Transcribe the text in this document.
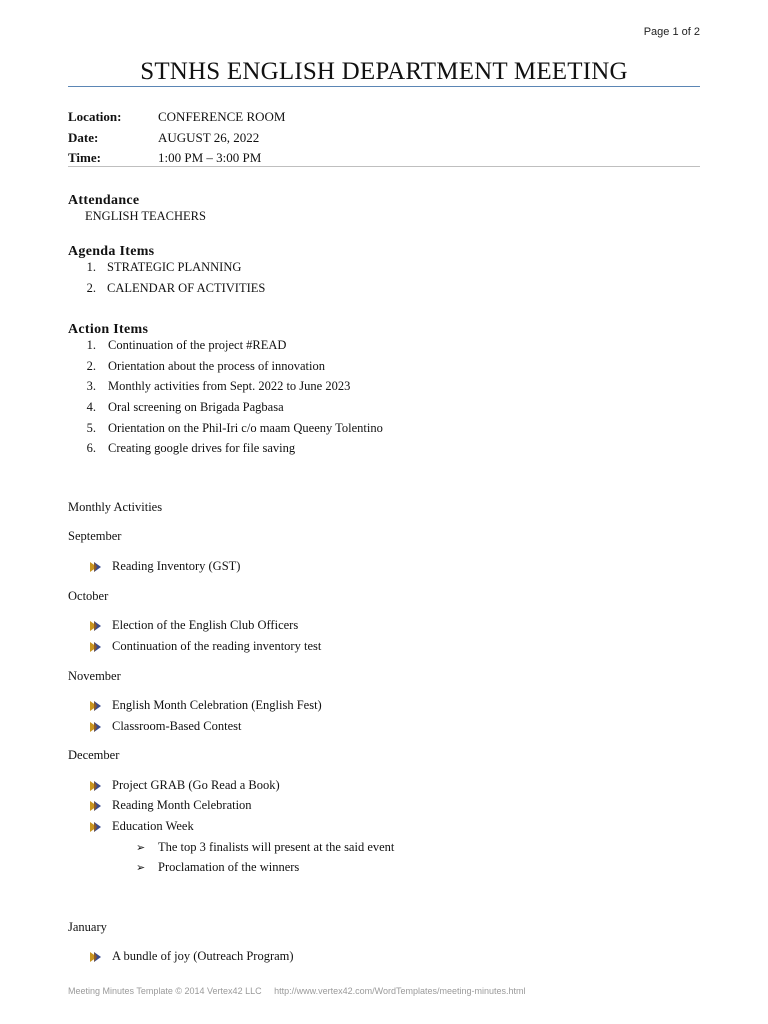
Page 1 of 2
STNHS ENGLISH DEPARTMENT MEETING
Location:	CONFERENCE ROOM
Date:	AUGUST 26, 2022
Time:	1:00 PM – 3:00 PM
Attendance
ENGLISH TEACHERS
Agenda Items
1. STRATEGIC PLANNING
2. CALENDAR OF ACTIVITIES
Action Items
1. Continuation of the project #READ
2. Orientation about the process of innovation
3. Monthly activities from Sept. 2022 to June 2023
4. Oral screening on Brigada Pagbasa
5. Orientation on the Phil-Iri c/o maam Queeny Tolentino
6. Creating google drives for file saving
Monthly Activities
September
Reading Inventory (GST)
October
Election of the English Club Officers
Continuation of the reading inventory test
November
English Month Celebration (English Fest)
Classroom-Based Contest
December
Project GRAB (Go Read a Book)
Reading Month Celebration
Education Week
➢ The top 3 finalists will present at the said event
➢ Proclamation of the winners
January
A bundle of joy (Outreach Program)
Meeting Minutes Template © 2014 Vertex42 LLC     http://www.vertex42.com/WordTemplates/meeting-minutes.html
